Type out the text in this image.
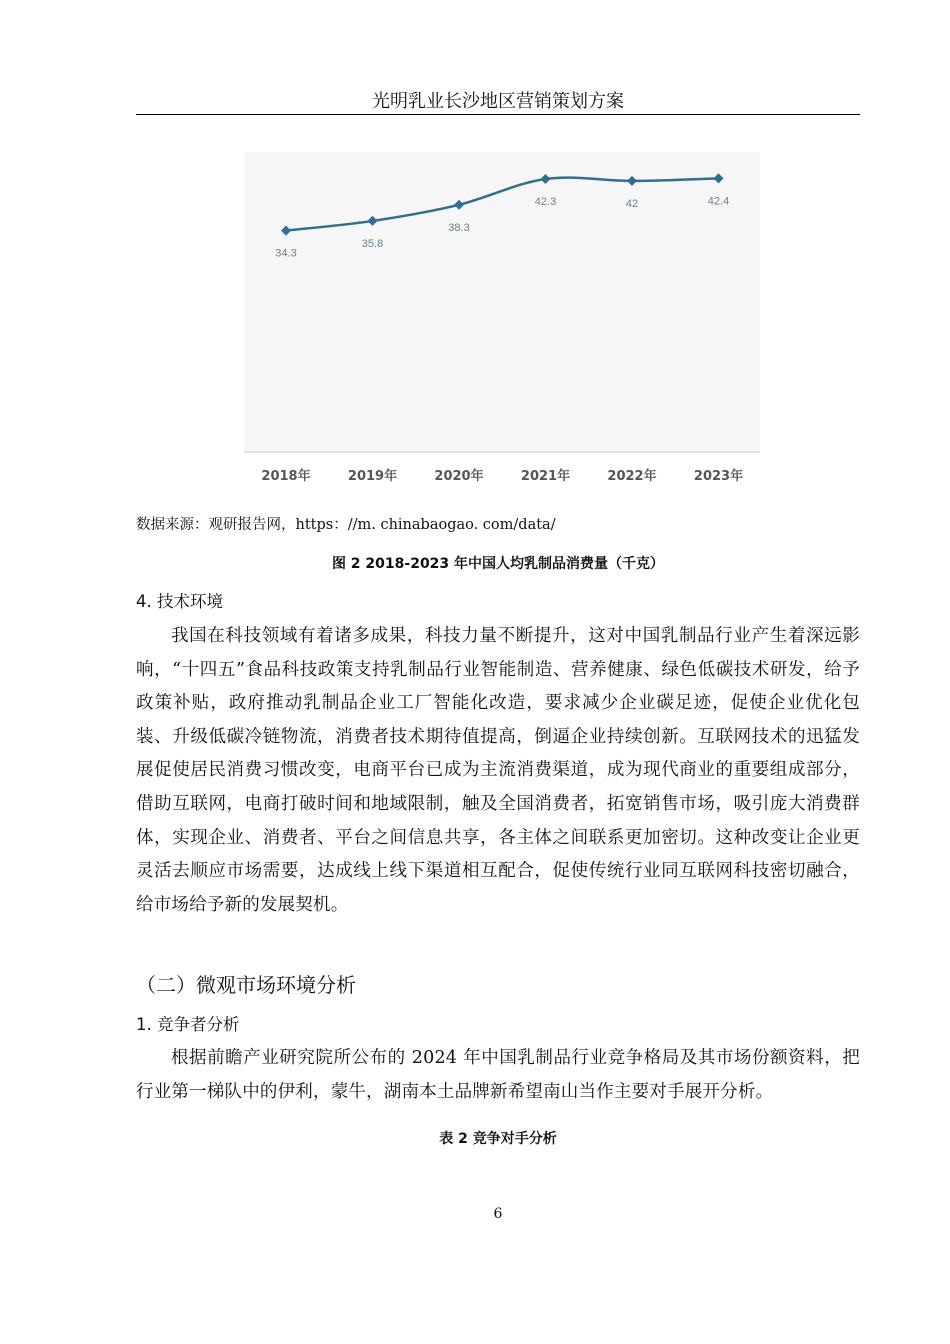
光明乳业长沙地区营销策划方案
34.3
35.8
38.3
42.3	42	42.4
2018年	2019年	2020年	2021年	2022年	2023年
数据来源：观研报告网，https：//m. chinabaogao. com/data/
图 2 2018-2023 年中国人均乳制品消费量（千克）
4. 技术环境

我国在科技领域有着诸多成果，科技力量不断提升，这对中国乳制品行业产生着深远影响，“十四五”食品科技政策支持乳制品行业智能制造、营养健康、绿色低碳技术研发，给予政策补贴，政府推动乳制品企业工厂智能化改造，要求减少企业碳足迹，促使企业优化包装、升级低碳冷链物流，消费者技术期待值提高，倒逼企业持续创新。互联网技术的迅猛发展促使居民消费习惯改变，电商平台已成为主流消费渠道，成为现代商业的重要组成部分，借助互联网，电商打破时间和地域限制，触及全国消费者，拓宽销售市场，吸引庞大消费群体，实现企业、消费者、平台之间信息共享，各主体之间联系更加密切。这种改变让企业更灵活去顺应市场需要，达成线上线下渠道相互配合，促使传统行业同互联网科技密切融合，给市场给予新的发展契机。

（二）微观市场环境分析
1. 竞争者分析

根据前瞻产业研究院所公布的 2024 年中国乳制品行业竞争格局及其市场份额资料，把行业第一梯队中的伊利，蒙牛，湖南本土品牌新希望南山当作主要对手展开分析。

表 2 竞争对手分析
6
